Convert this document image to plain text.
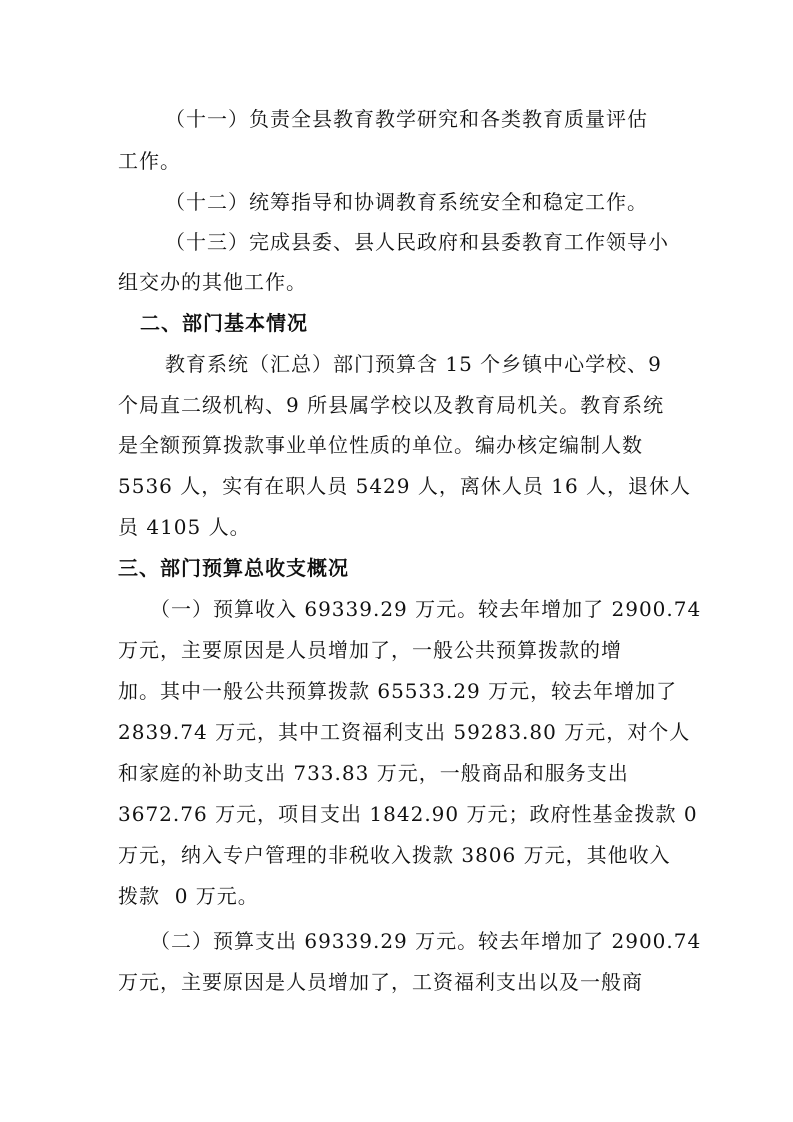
（十一）负责全县教育教学研究和各类教育质量评估
工作。
（十二）统筹指导和协调教育系统安全和稳定工作。
（十三）完成县委、县人民政府和县委教育工作领导小
组交办的其他工作。
二、部门基本情况
教育系统（汇总）部门预算含 15 个乡镇中心学校、9
个局直二级机构、9 所县属学校以及教育局机关。教育系统
是全额预算拨款事业单位性质的单位。编办核定编制人数
5536 人，实有在职人员 5429 人，离休人员 16 人，退休人
员 4105 人。
三、部门预算总收支概况
（一）预算收入 69339.29 万元。较去年增加了 2900.74
万元，主要原因是人员增加了，一般公共预算拨款的增
加。其中一般公共预算拨款 65533.29 万元，较去年增加了
2839.74 万元，其中工资福利支出 59283.80 万元，对个人
和家庭的补助支出 733.83 万元，一般商品和服务支出
3672.76 万元，项目支出 1842.90 万元；政府性基金拨款 0
万元，纳入专户管理的非税收入拨款 3806 万元，其他收入
拨款  0 万元。
（二）预算支出 69339.29 万元。较去年增加了 2900.74
万元，主要原因是人员增加了，工资福利支出以及一般商
